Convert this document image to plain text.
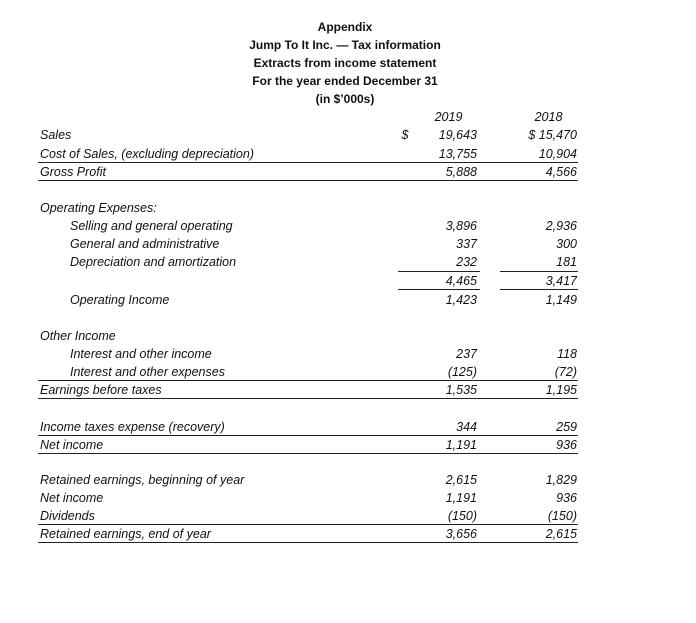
Appendix
Jump To It Inc. — Tax information
Extracts from income statement
For the year ended December 31
(in $’000s)
2019	2018
Sales	$	19,643	$ 15,470
Cost of Sales, (excluding depreciation)	13,755	10,904
Gross Profit	5,888	4,566
Operating Expenses:
Selling and general operating	3,896	2,936
General and administrative	337	300
Depreciation and amortization	232	181
4,465	3,417
Operating Income	1,423	1,149
Other Income
Interest and other income	237	118
Interest and other expenses	(125)	(72)
Earnings before taxes	1,535	1,195
Income taxes expense (recovery)	344	259
Net income	1,191	936
Retained earnings, beginning of year	2,615	1,829
Net income	1,191	936
Dividends	(150)	(150)
Retained earnings, end of year	3,656	2,615
